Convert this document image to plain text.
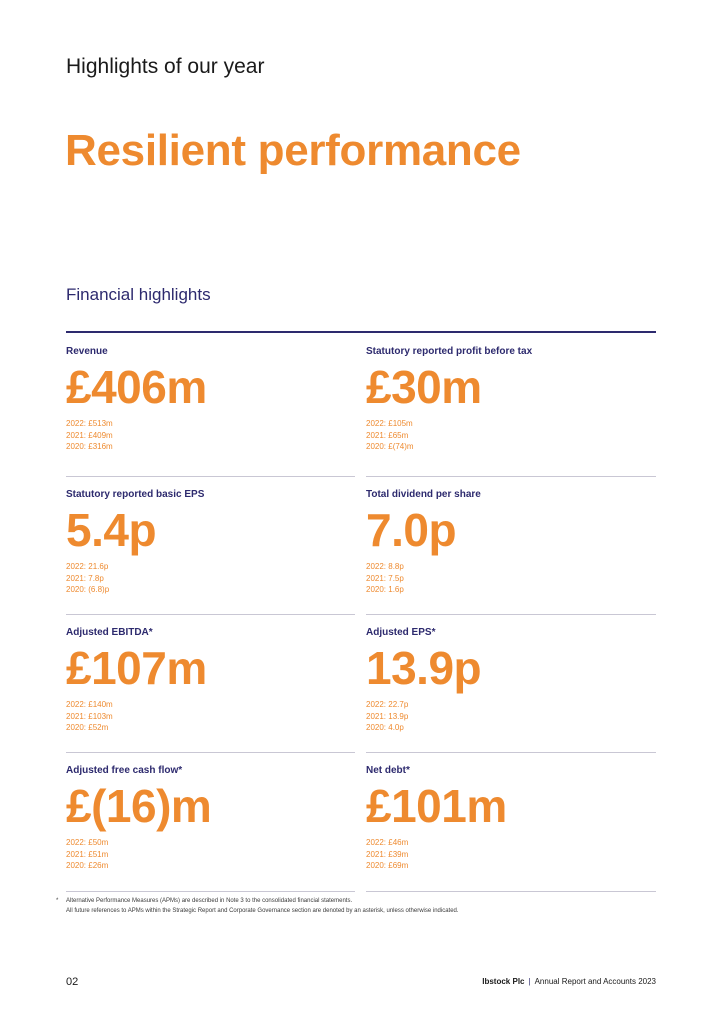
Highlights of our year
Resilient performance
Financial highlights
Revenue
£406m
2022: £513m
2021: £409m
2020: £316m
Statutory reported profit before tax
£30m
2022: £105m
2021: £65m
2020: £(74)m
Statutory reported basic EPS
5.4p
2022: 21.6p
2021: 7.8p
2020: (6.8)p
Total dividend per share
7.0p
2022: 8.8p
2021: 7.5p
2020: 1.6p
Adjusted EBITDA*
£107m
2022: £140m
2021: £103m
2020: £52m
Adjusted EPS*
13.9p
2022: 22.7p
2021: 13.9p
2020: 4.0p
Adjusted free cash flow*
£(16)m
2022: £50m
2021: £51m
2020: £26m
Net debt*
£101m
2022: £46m
2021: £39m
2020: £69m
* Alternative Performance Measures (APMs) are described in Note 3 to the consolidated financial statements.
All future references to APMs within the Strategic Report and Corporate Governance section are denoted by an asterisk, unless otherwise indicated.
02	Ibstock Plc | Annual Report and Accounts 2023
